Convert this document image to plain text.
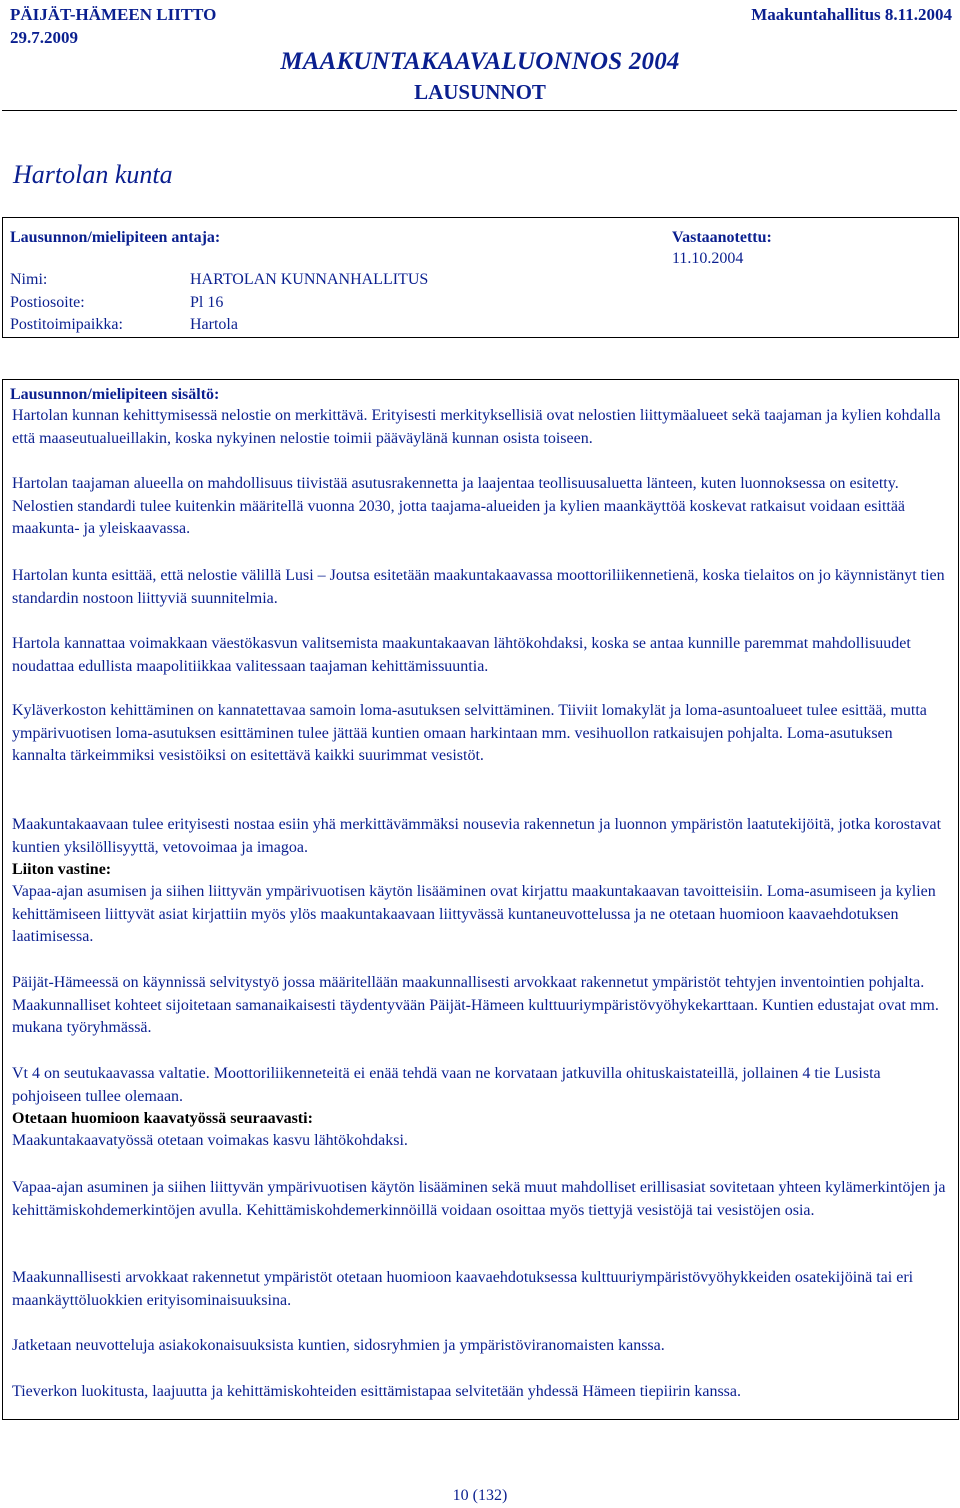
PÄIJÄT-HÄMEEN LIITTO
29.7.2009
Maakuntahallitus 8.11.2004
MAAKUNTAKAAVALUONNOS 2004
LAUSUNNOT
Hartolan kunta
Lausunnon/mielipiteen antaja:	Vastaanotettu:
11.10.2004
Nimi:	HARTOLAN KUNNANHALLITUS
Postiosoite:	Pl 16
Postitoimipaikka:	Hartola
Lausunnon/mielipiteen sisältö:
Hartolan kunnan kehittymisessä nelostie on merkittävä. Erityisesti merkityksellisiä ovat nelostien liittymäalueet sekä taajaman ja kylien kohdalla että maaseutualueillakin, koska nykyinen nelostie toimii pääväylänä kunnan osista toiseen.
Hartolan taajaman alueella on mahdollisuus tiivistää asutusrakennetta ja laajentaa teollisuusaluetta länteen, kuten luonnoksessa on esitetty. Nelostien standardi tulee kuitenkin määritellä vuonna 2030, jotta taajama-alueiden ja kylien maankäyttöä koskevat ratkaisut voidaan esittää maakunta- ja yleiskaavassa.
Hartolan kunta esittää, että nelostie välillä Lusi – Joutsa esitetään maakuntakaavassa moottoriliikennetienä, koska tielaitos on jo käynnistänyt tien standardin nostoon liittyviä suunnitelmia.
Hartola kannattaa voimakkaan väestökasvun valitsemista maakuntakaavan lähtökohdaksi, koska se antaa kunnille paremmat mahdollisuudet noudattaa edullista maapolitiikkaa valitessaan taajaman kehittämissuuntia.
Kyläverkoston kehittäminen on kannatettavaa samoin loma-asutuksen selvittäminen. Tiiviit lomakylät ja loma-asuntoalueet tulee esittää, mutta ympärivuotisen loma-asutuksen esittäminen tulee jättää kuntien omaan harkintaan mm. vesihuollon ratkaisujen pohjalta. Loma-asutuksen kannalta tärkeimmiksi vesistöiksi on esitettävä kaikki suurimmat vesistöt.
Maakuntakaavaan tulee erityisesti nostaa esiin yhä merkittävämmäksi nousevia rakennetun ja luonnon ympäristön laatutekijöitä, jotka korostavat kuntien yksilöllisyyttä, vetovoimaa ja imagoa.
Liiton vastine:
Vapaa-ajan asumisen ja siihen liittyvän ympärivuotisen käytön lisääminen ovat kirjattu maakuntakaavan tavoitteisiin. Loma-asumiseen ja kylien kehittämiseen liittyvät asiat kirjattiin myös ylös maakuntakaavaan liittyvässä kuntaneuvottelussa ja ne otetaan huomioon kaavaehdotuksen laatimisessa.
Päijät-Hämeessä on käynnissä selvitystyö jossa määritellään maakunnallisesti arvokkaat rakennetut ympäristöt tehtyjen inventointien pohjalta. Maakunnalliset kohteet sijoitetaan samanaikaisesti täydentyvään Päijät-Hämeen kulttuuriympäristövyöhykekarttaan. Kuntien edustajat ovat mm. mukana työryhmässä.
Vt 4 on seutukaavassa valtatie. Moottoriliikenneteitä ei enää tehdä vaan ne korvataan jatkuvilla ohituskaistateillä, jollainen 4 tie Lusista pohjoiseen tullee olemaan.
Otetaan huomioon kaavatyössä seuraavasti:
Maakuntakaavatyössä otetaan voimakas kasvu lähtökohdaksi.
Vapaa-ajan asuminen ja siihen liittyvän ympärivuotisen käytön lisääminen sekä muut mahdolliset erillisasiat sovitetaan yhteen kylämerkintöjen ja kehittämiskohdemerkintöjen avulla. Kehittämiskohdemerkinnöillä voidaan osoittaa myös tiettyjä vesistöjä tai vesistöjen osia.
Maakunnallisesti arvokkaat rakennetut ympäristöt otetaan huomioon kaavaehdotuksessa kulttuuriympäristövyöhykkeiden osatekijöinä tai eri maankäyttöluokkien erityisominaisuuksina.
Jatketaan neuvotteluja asiakokonaisuuksista kuntien, sidosryhmien ja ympäristöviranomaisten kanssa.
Tieverkon luokitusta, laajuutta ja kehittämiskohteiden esittämistapaa selvitetään yhdessä Hämeen tiepiirin kanssa.
10 (132)
